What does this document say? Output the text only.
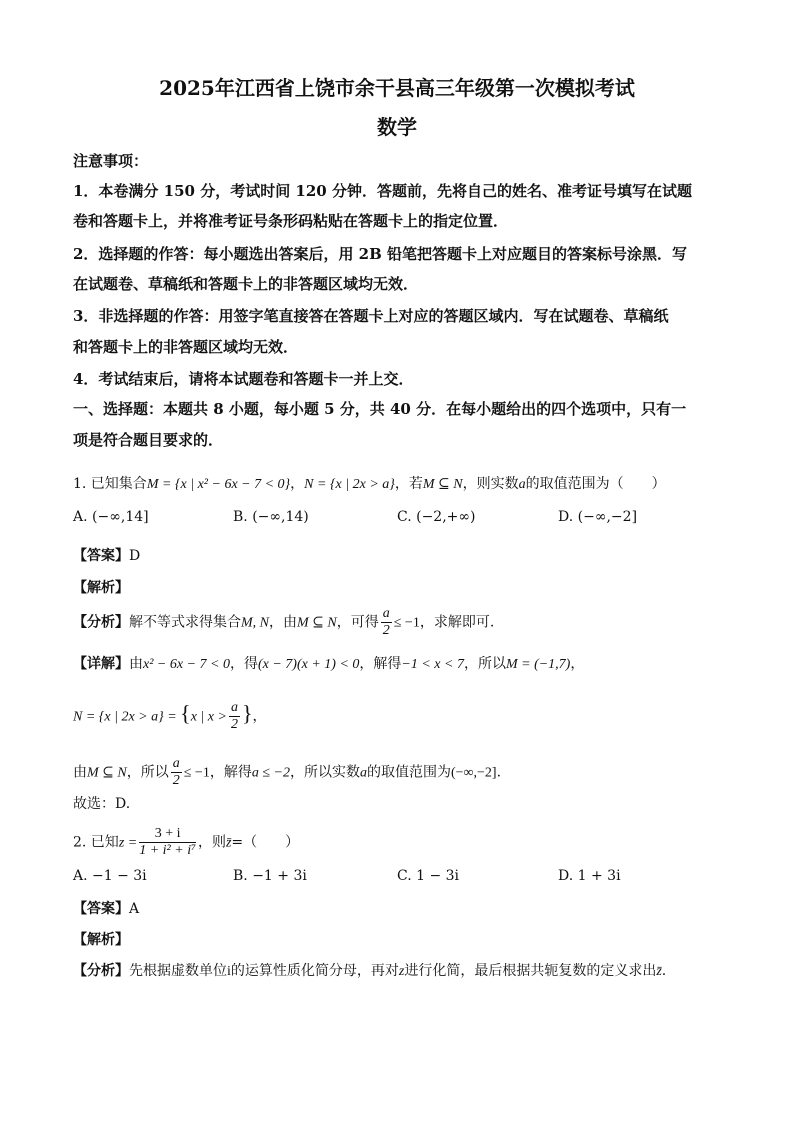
2025年江西省上饶市余干县高三年级第一次模拟考试
数学
注意事项：
1．本卷满分 150 分，考试时间 120 分钟．答题前，先将自己的姓名、准考证号填写在试题
卷和答题卡上，并将准考证号条形码粘贴在答题卡上的指定位置．
2．选择题的作答：每小题选出答案后，用 2B 铅笔把答题卡上对应题目的答案标号涂黑．写
在试题卷、草稿纸和答题卡上的非答题区域均无效．
3．非选择题的作答：用签字笔直接答在答题卡上对应的答题区域内．写在试题卷、草稿纸
和答题卡上的非答题区域均无效．
4．考试结束后，请将本试题卷和答题卡一并上交．
一、选择题：本题共 8 小题，每小题 5 分，共 40 分．在每小题给出的四个选项中，只有一
项是符合题目要求的．
1. 已知集合M = {x | x² − 6x − 7 < 0}，N = {x | 2x > a}，若M ⊆ N，则实数a的取值范围为（　　）
A. (−∞,14]	B. (−∞,14)	C. (−2,+∞)	D. (−∞,−2]
【答案】D
【解析】
【分析】解不等式求得集合M, N，由M ⊆ N，可得 $\frac{a}{2} \le -1$，求解即可.
【详解】由x² − 6x − 7 < 0，得(x − 7)(x + 1) < 0，解得−1 < x < 7，所以M = (−1,7)，
N = {x | 2x > a} = {x | $x > \frac{a}{2}$ }，
由M ⊆ N，所以 $\frac{a}{2} \le -1$，解得a ≤ −2，所以实数a的取值范围为(−∞,−2].
故选：D.
2. 已知$z = \frac{3 + i}{\text{1 + i² + i⁷}}$ ，则z̄=（　　）
A. −1 − 3i	B. −1 + 3i	C. 1 − 3i	D. 1 + 3i
【答案】A
【解析】
【分析】先根据虚数单位i的运算性质化简分母，再对z进行化简，最后根据共轭复数的定义求出z̄.
